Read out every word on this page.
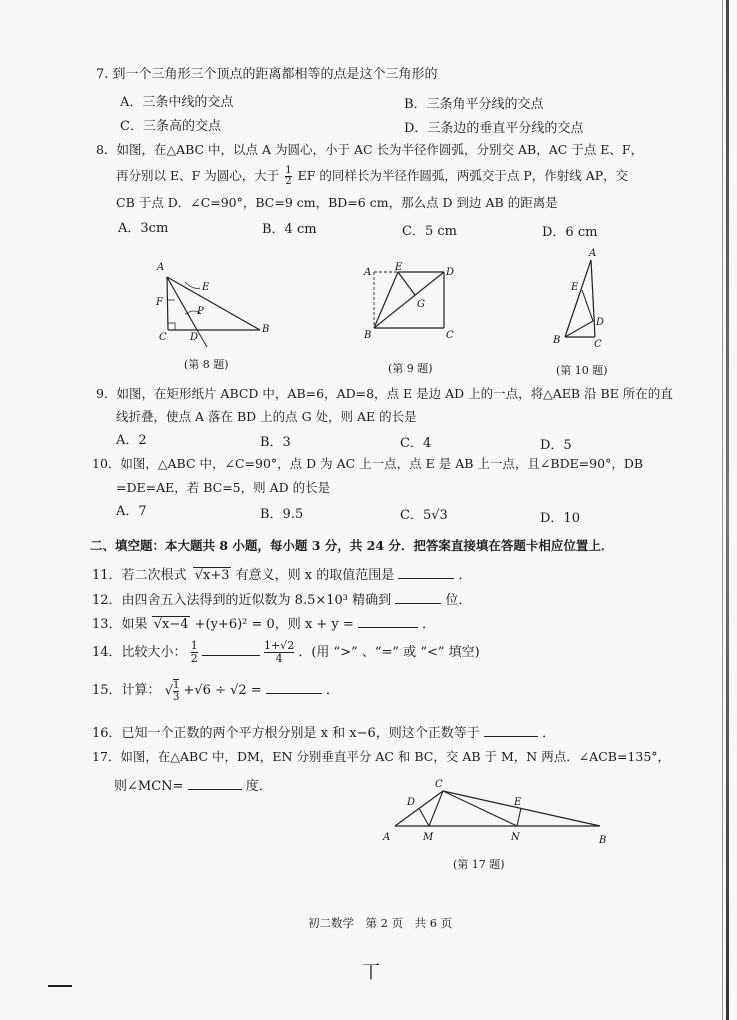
7. 到一个三角形三个顶点的距离都相等的点是这个三角形的
A．三条中线的交点	B．三条角平分线的交点
C．三条高的交点	D．三条边的垂直平分线的交点
8．如图，在△ABC 中，以点 A 为圆心，小于 AC 长为半径作圆弧，分别交 AB，AC 于点 E、F，
再分别以 E、F 为圆心，大于 $\frac{1}{2}$ EF 的同样长为半径作圆弧，两弧交于点 P，作射线 AP，交
CB 于点 D．∠C=90°，BC=9 cm，BD=6 cm，那么点 D 到边 AB 的距离是
A．3cm	B．4 cm	C．5 cm	D．6 cm
A
E
F
P
C D
B
(第 8 题)
A E	D
G
B	C
(第 9 题)
A
E
D
B	C
(第 10 题)
9．如图，在矩形纸片 ABCD 中，AB=6，AD=8，点 E 是边 AD 上的一点，将△AEB 沿 BE 所在的直
线折叠，使点 A 落在 BD 上的点 G 处，则 AE 的长是
A．2	B．3	C．4	D．5
10．如图，△ABC 中，∠C=90°，点 D 为 AC 上一点，点 E 是 AB 上一点，且∠BDE=90°，DB
=DE=AE，若 BC=5，则 AD 的长是
A．7	B．9.5	C．5√3	D．10
二、填空题：本大题共 8 小题，每小题 3 分，共 24 分．把答案直接填在答题卡相应位置上．
11．若二次根式 √x+3 有意义，则 x 的取值范围是	．
12．由四舍五入法得到的近似数为 8.5×10³ 精确到	位．
13．如果 √x−4 +(y+6)² = 0，则 x + y =	．
14．比较大小： $\frac{1}{2}$
	$\frac{1+√2}{4}$ ．(用 “>” 、“=” 或 “<” 填空)
15．计算： √ $\frac{1}{3} +√6 \div √2$ =	．
16．已知一个正数的两个平方根分别是 x 和 x−6，则这个正数等于	．
17．如图，在△ABC 中，DM，EN 分别垂直平分 AC 和 BC，交 AB 于 M，N 两点．∠ACB=135°，
则∠MCN=	度．	C
D	E
A	M	N	B
(第 17 题)
初二数学　第 2 页　共 6 页
丅
